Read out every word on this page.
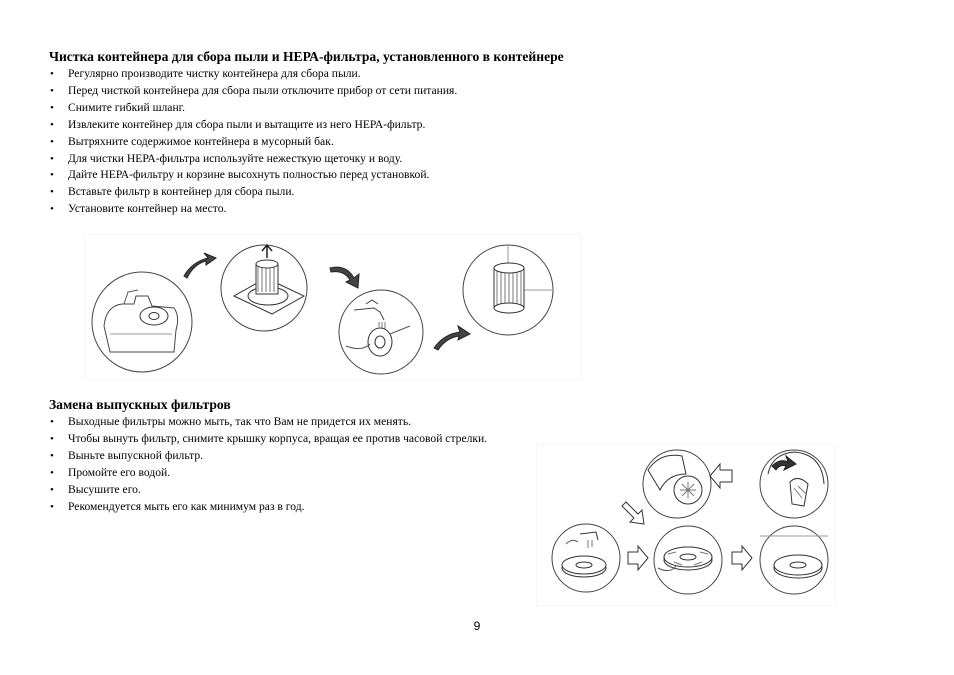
Чистка контейнера для сбора пыли и НЕРА-фильтра, установленного в контейнере
• Регулярно производите чистку контейнера для сбора пыли.
• Перед чисткой контейнера для сбора пыли отключите прибор от сети питания.
• Снимите гибкий шланг.
• Извлеките контейнер для сбора пыли и вытащите из него НЕРА-фильтр.
• Вытряхните содержимое контейнера в мусорный бак.
• Для чистки НЕРА-фильтра используйте нежесткую щеточку и воду.
• Дайте НЕРА-фильтру и корзине высохнуть полностью перед установкой.
• Вставьте фильтр в контейнер для сбора пыли.
• Установите контейнер на место.
Замена выпускных фильтров
• Выходные фильтры можно мыть, так что Вам не придется их менять.
• Чтобы вынуть фильтр, снимите крышку корпуса, вращая ее против часовой стрелки.
• Выньте выпускной фильтр.
• Промойте его водой.
• Высушите его.
• Рекомендуется мыть его как минимум раз в год.
9
